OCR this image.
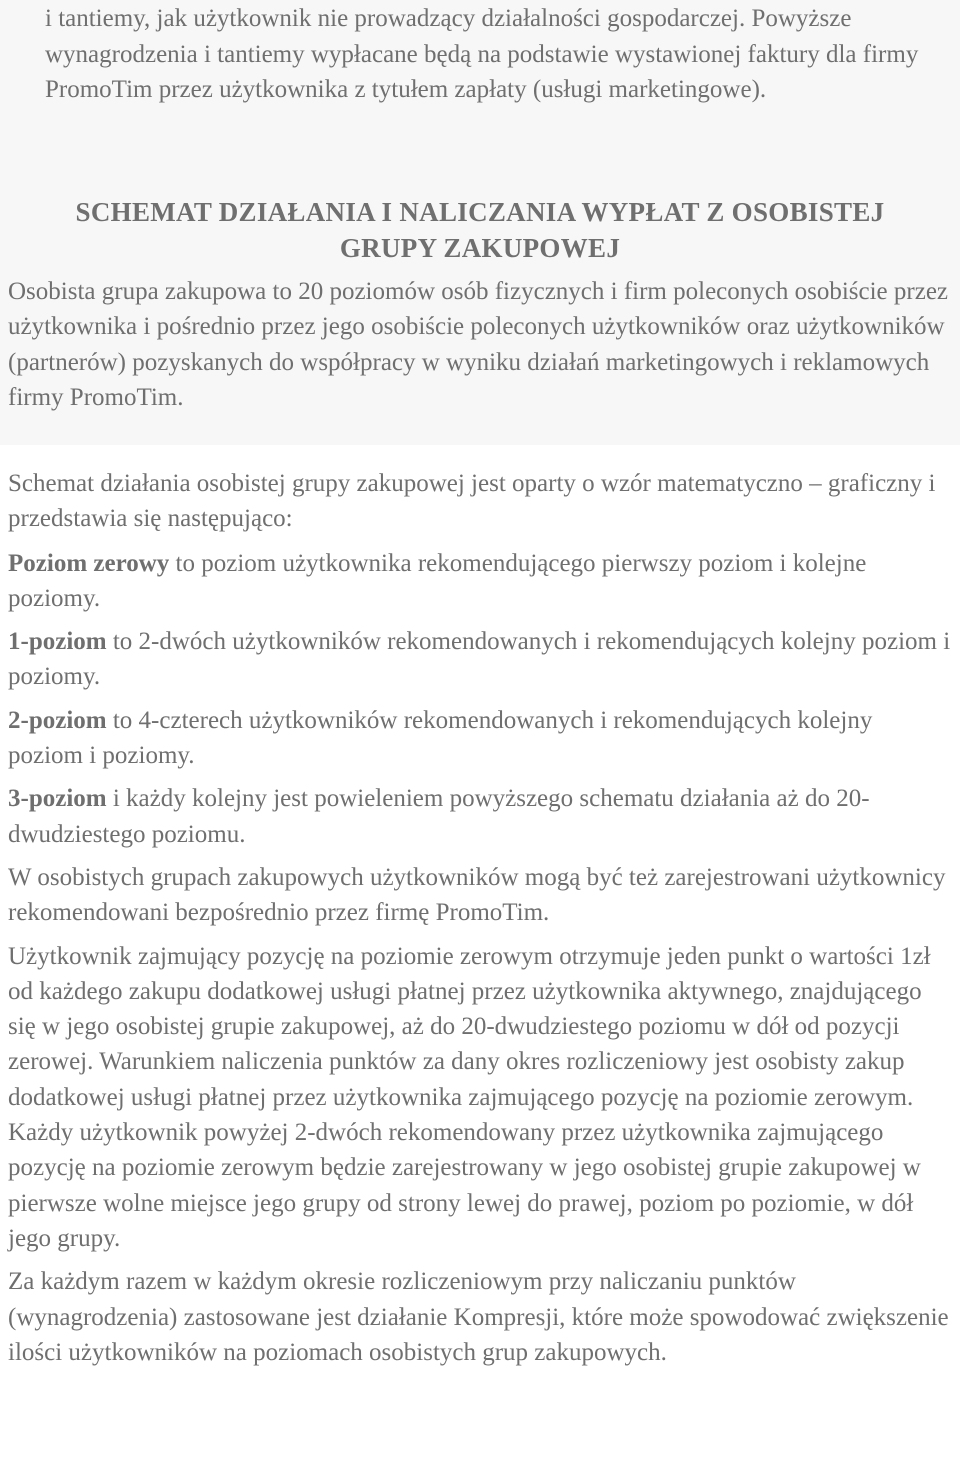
i tantiemy, jak użytkownik nie prowadzący działalności gospodarczej. Powyższe wynagrodzenia i tantiemy wypłacane będą na podstawie wystawionej faktury dla firmy PromoTim przez użytkownika z tytułem zapłaty (usługi marketingowe).

SCHEMAT DZIAŁANIA I NALICZANIA WYPŁAT Z OSOBISTEJ
GRUPY ZAKUPOWEJ

Osobista grupa zakupowa to 20 poziomów osób fizycznych i firm poleconych osobiście przez użytkownika i pośrednio przez jego osobiście poleconych użytkowników oraz użytkowników (partnerów) pozyskanych do współpracy w wyniku działań marketingowych i reklamowych firmy PromoTim.

Schemat działania osobistej grupy zakupowej jest oparty o wzór matematyczno – graficzny i przedstawia się następująco:

Poziom zerowy to poziom użytkownika rekomendującego pierwszy poziom i kolejne poziomy.

1-poziom to 2-dwóch użytkowników rekomendowanych i rekomendujących kolejny poziom i poziomy.

2-poziom to 4-czterech użytkowników rekomendowanych i rekomendujących kolejny poziom i poziomy.

3-poziom i każdy kolejny jest powieleniem powyższego schematu działania aż do 20-dwudziestego poziomu.

W osobistych grupach zakupowych użytkowników mogą być też zarejestrowani użytkownicy rekomendowani bezpośrednio przez firmę PromoTim.

Użytkownik zajmujący pozycję na poziomie zerowym otrzymuje jeden punkt o wartości 1zł od każdego zakupu dodatkowej usługi płatnej przez użytkownika aktywnego, znajdującego się w jego osobistej grupie zakupowej, aż do 20-dwudziestego poziomu w dół od pozycji zerowej. Warunkiem naliczenia punktów za dany okres rozliczeniowy jest osobisty zakup dodatkowej usługi płatnej przez użytkownika zajmującego pozycję na poziomie zerowym. Każdy użytkownik powyżej 2-dwóch rekomendowany przez użytkownika zajmującego pozycję na poziomie zerowym będzie zarejestrowany w jego osobistej grupie zakupowej w pierwsze wolne miejsce jego grupy od strony lewej do prawej, poziom po poziomie, w dół jego grupy.

Za każdym razem w każdym okresie rozliczeniowym przy naliczaniu punktów (wynagrodzenia) zastosowane jest działanie Kompresji, które może spowodować zwiększenie ilości użytkowników na poziomach osobistych grup zakupowych.
